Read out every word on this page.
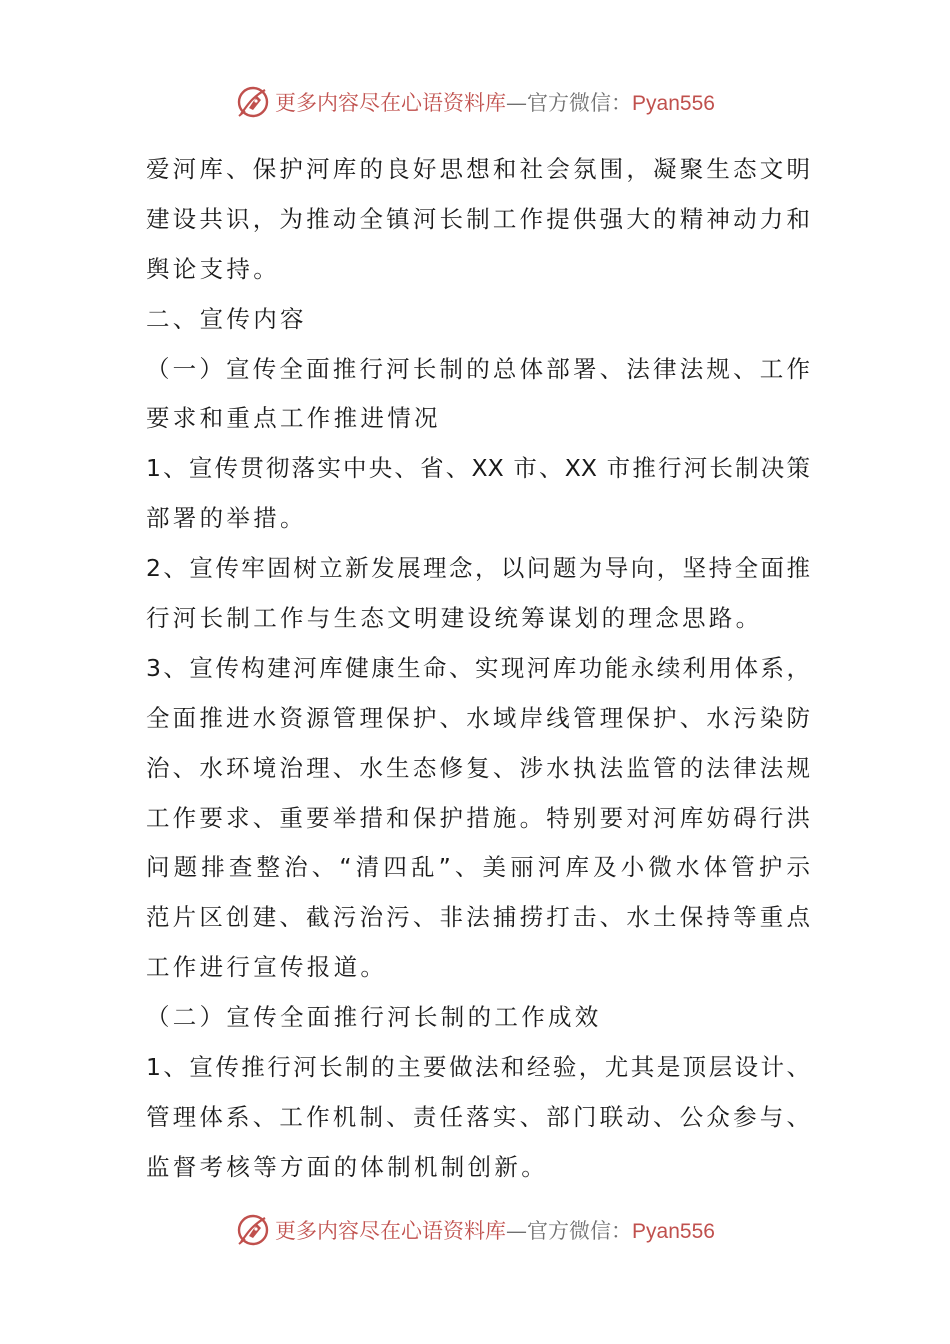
更多内容尽在心语资料库—官方微信：Pyan556
爱河库、保护河库的良好思想和社会氛围，凝聚生态文明
建设共识，为推动全镇河长制工作提供强大的精神动力和
舆论支持。
二、宣传内容
（一）宣传全面推行河长制的总体部署、法律法规、工作
要求和重点工作推进情况
1、宣传贯彻落实中央、省、XX 市、XX 市推行河长制决策
部署的举措。
2、宣传牢固树立新发展理念，以问题为导向，坚持全面推
行河长制工作与生态文明建设统筹谋划的理念思路。
3、宣传构建河库健康生命、实现河库功能永续利用体系，
全面推进水资源管理保护、水域岸线管理保护、水污染防
治、水环境治理、水生态修复、涉水执法监管的法律法规
工作要求、重要举措和保护措施。特别要对河库妨碍行洪
问题排查整治、“清四乱”、美丽河库及小微水体管护示
范片区创建、截污治污、非法捕捞打击、水土保持等重点
工作进行宣传报道。
（二）宣传全面推行河长制的工作成效
1、宣传推行河长制的主要做法和经验，尤其是顶层设计、
管理体系、工作机制、责任落实、部门联动、公众参与、
监督考核等方面的体制机制创新。
更多内容尽在心语资料库—官方微信：Pyan556
